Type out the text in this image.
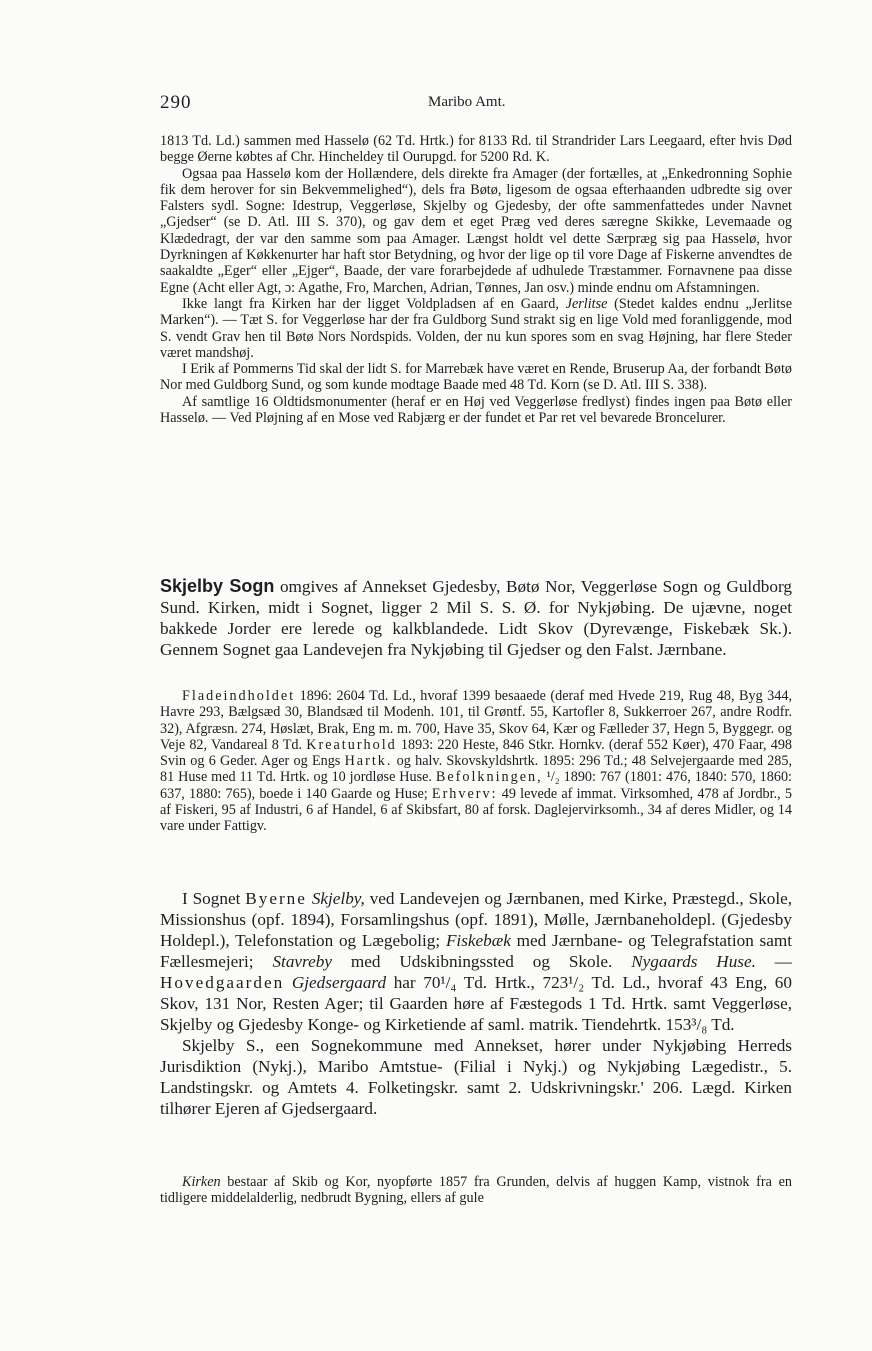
290	Maribo Amt.

1813 Td. Ld.) sammen med Hasselø (62 Td. Hrtk.) for 8133 Rd. til Strandrider Lars Leegaard, efter hvis Død begge Øerne købtes af Chr. Hincheldey til Ourupgd. for 5200 Rd. K.

Ogsaa paa Hasselø kom der Hollændere, dels direkte fra Amager (der fortælles, at „Enkedronning Sophie fik dem herover for sin Bekvemmelighed“), dels fra Bøtø, ligesom de ogsaa efterhaanden udbredte sig over Falsters sydl. Sogne: Idestrup, Veggerløse, Skjelby og Gjedesby, der ofte sammenfattedes under Navnet „Gjedser“ (se D. Atl. III S. 370), og gav dem et eget Præg ved deres særegne Skikke, Levemaade og Klædedragt, der var den samme som paa Amager. Længst holdt vel dette Særpræg sig paa Hasselø, hvor Dyrkningen af Køkkenurter har haft stor Betydning, og hvor der lige op til vore Dage af Fiskerne anvendtes de saakaldte „Eger“ eller „Ejger“, Baade, der vare forarbejdede af udhulede Træstammer. Fornavnene paa disse Egne (Acht eller Agt, ɔ: Agathe, Fro, Marchen, Adrian, Tønnes, Jan osv.) minde endnu om Afstamningen.

Ikke langt fra Kirken har der ligget Voldpladsen af en Gaard, Jerlitse (Stedet kaldes endnu „Jerlitse Marken“). — Tæt S. for Veggerløse har der fra Guldborg Sund strakt sig en lige Vold med foranliggende, mod S. vendt Grav hen til Bøtø Nors Nordspids. Volden, der nu kun spores som en svag Højning, har flere Steder været mandshøj.

I Erik af Pommerns Tid skal der lidt S. for Marrebæk have været en Rende, Bruserup Aa, der forbandt Bøtø Nor med Guldborg Sund, og som kunde modtage Baade med 48 Td. Korn (se D. Atl. III S. 338).

Af samtlige 16 Oldtidsmonumenter (heraf er en Høj ved Veggerløse fredlyst) findes ingen paa Bøtø eller Hasselø. — Ved Pløjning af en Mose ved Rabjærg er der fundet et Par ret vel bevarede Broncelurer.

Skjelby Sogn omgives af Annekset Gjedesby, Bøtø Nor, Veggerløse Sogn og Guldborg Sund. Kirken, midt i Sognet, ligger 2 Mil S. S. Ø. for Nykjøbing. De ujævne, noget bakkede Jorder ere lerede og kalkblandede. Lidt Skov (Dyrevænge, Fiskebæk Sk.). Gennem Sognet gaa Landevejen fra Nykjøbing til Gjedser og den Falst. Jærnbane.

Fladeindholdet 1896: 2604 Td. Ld., hvoraf 1399 besaaede (deraf med Hvede 219, Rug 48, Byg 344, Havre 293, Bælgsæd 30, Blandsæd til Modenh. 101, til Grøntf. 55, Kartofler 8, Sukkerroer 267, andre Rodfr. 32), Afgræsn. 274, Høslæt, Brak, Eng m. m. 700, Have 35, Skov 64, Kær og Fælleder 37, Hegn 5, Byggegr. og Veje 82, Vandareal 8 Td. Kreaturhold 1893: 220 Heste, 846 Stkr. Hornkv. (deraf 552 Køer), 470 Faar, 498 Svin og 6 Geder. Ager og Engs Hartk. og halv. Skovskyldshrtk. 1895: 296 Td.; 48 Selvejergaarde med 285, 81 Huse med 11 Td. Hrtk. og 10 jordløse Huse. Befolkningen, ¹/₂ 1890: 767 (1801: 476, 1840: 570, 1860: 637, 1880: 765), boede i 140 Gaarde og Huse; Erhverv: 49 levede af immat. Virksomhed, 478 af Jordbr., 5 af Fiskeri, 95 af Industri, 6 af Handel, 6 af Skibsfart, 80 af forsk. Daglejervirksomh., 34 af deres Midler, og 14 vare under Fattigv.

I Sognet Byerne Skjelby, ved Landevejen og Jærnbanen, med Kirke, Præstegd., Skole, Missionshus (opf. 1894), Forsamlingshus (opf. 1891), Mølle, Jærnbaneholdepl. (Gjedesby Holdepl.), Telefonstation og Lægebolig; Fiskebæk med Jærnbane- og Telegrafstation samt Fællesmejeri; Stavreby med Udskibningssted og Skole. Nygaards Huse. — Hovedgaarden Gjedsergaard har 70¹/₄ Td. Hrtk., 723¹/₂ Td. Ld., hvoraf 43 Eng, 60 Skov, 131 Nor, Resten Ager; til Gaarden høre af Fæstegods 1 Td. Hrtk. samt Veggerløse, Skjelby og Gjedesby Konge- og Kirketiende af saml. matrik. Tiendehrtk. 153³/₈ Td.

Skjelby S., een Sognekommune med Annekset, hører under Nykjøbing Herreds Jurisdiktion (Nykj.), Maribo Amtstue- (Filial i Nykj.) og Nykjøbing Lægedistr., 5. Landstingskr. og Amtets 4. Folketingskr. samt 2. Udskrivningskr.' 206. Lægd. Kirken tilhører Ejeren af Gjedsergaard.

Kirken bestaar af Skib og Kor, nyopførte 1857 fra Grunden, delvis af huggen Kamp, vistnok fra en tidligere middelalderlig, nedbrudt Bygning, ellers af gule
